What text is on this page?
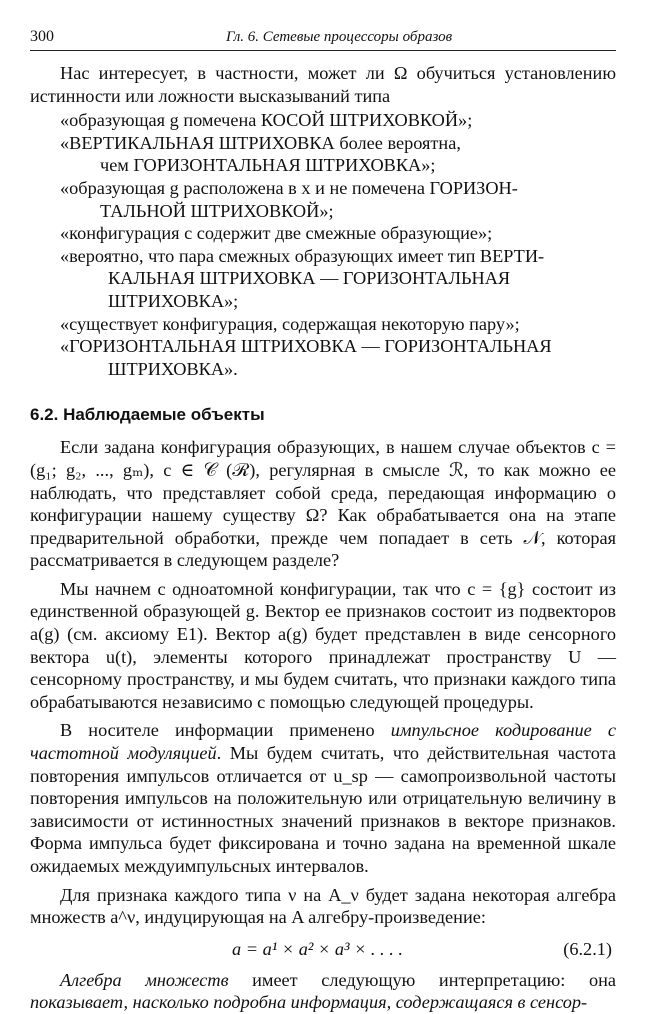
300	Гл. 6. Сетевые процессоры образов

Нас интересует, в частности, может ли Ω обучиться установлению истинности или ложности высказываний типа

«образующая g помечена КОСОЙ ШТРИХОВКОЙ»;
«ВЕРТИКАЛЬНАЯ ШТРИХОВКА более вероятна,
чем ГОРИЗОНТАЛЬНАЯ ШТРИХОВКА»;
«образующая g расположена в x и не помечена ГОРИЗОН-
ТАЛЬНОЙ ШТРИХОВКОЙ»;
«конфигурация c содержит две смежные образующие»;
«вероятно, что пара смежных образующих имеет тип ВЕРТИ-
КАЛЬНАЯ ШТРИХОВКА — ГОРИЗОНТАЛЬНАЯ
ШТРИХОВКА»;
«существует конфигурация, содержащая некоторую пару»;
«ГОРИЗОНТАЛЬНАЯ ШТРИХОВКА — ГОРИЗОНТАЛЬНАЯ
ШТРИХОВКА».
6.2. Наблюдаемые объекты

Если задана конфигурация образующих, в нашем случае объектов c = (g₁; g₂, ..., gₘ), c ∈ 𝒞 (ℛ), регулярная в смысле ℛ, то как можно ее наблюдать, что представляет собой среда, передающая информацию о конфигурации нашему существу Ω? Как обрабатывается она на этапе предварительной обработки, прежде чем попадает в сеть 𝒩, которая рассматривается в следующем разделе?

Мы начнем с одноатомной конфигурации, так что c = {g} состоит из единственной образующей g. Вектор ее признаков состоит из подвекторов a(g) (см. аксиому E1). Вектор a(g) будет представлен в виде сенсорного вектора u(t), элементы которого принадлежат пространству U — сенсорному пространству, и мы будем считать, что признаки каждого типа обрабатываются независимо с помощью следующей процедуры.

В носителе информации применено импульсное кодирование с частотной модуляцией. Мы будем считать, что действительная частота повторения импульсов отличается от u_sp — самопроизвольной частоты повторения импульсов на положительную или отрицательную величину в зависимости от истинностных значений признаков в векторе признаков. Форма импульса будет фиксирована и точно задана на временной шкале ожидаемых междуимпульсных интервалов.

Для признака каждого типа ν на A_ν будет задана некоторая алгебра множеств a^ν, индуцирующая на A алгебру-произведение:

a = a¹ × a² × a³ × . . . .	(6.2.1)

Алгебра множеств имеет следующую интерпретацию: она показывает, насколько подробна информация, содержащаяся в сенсор-
